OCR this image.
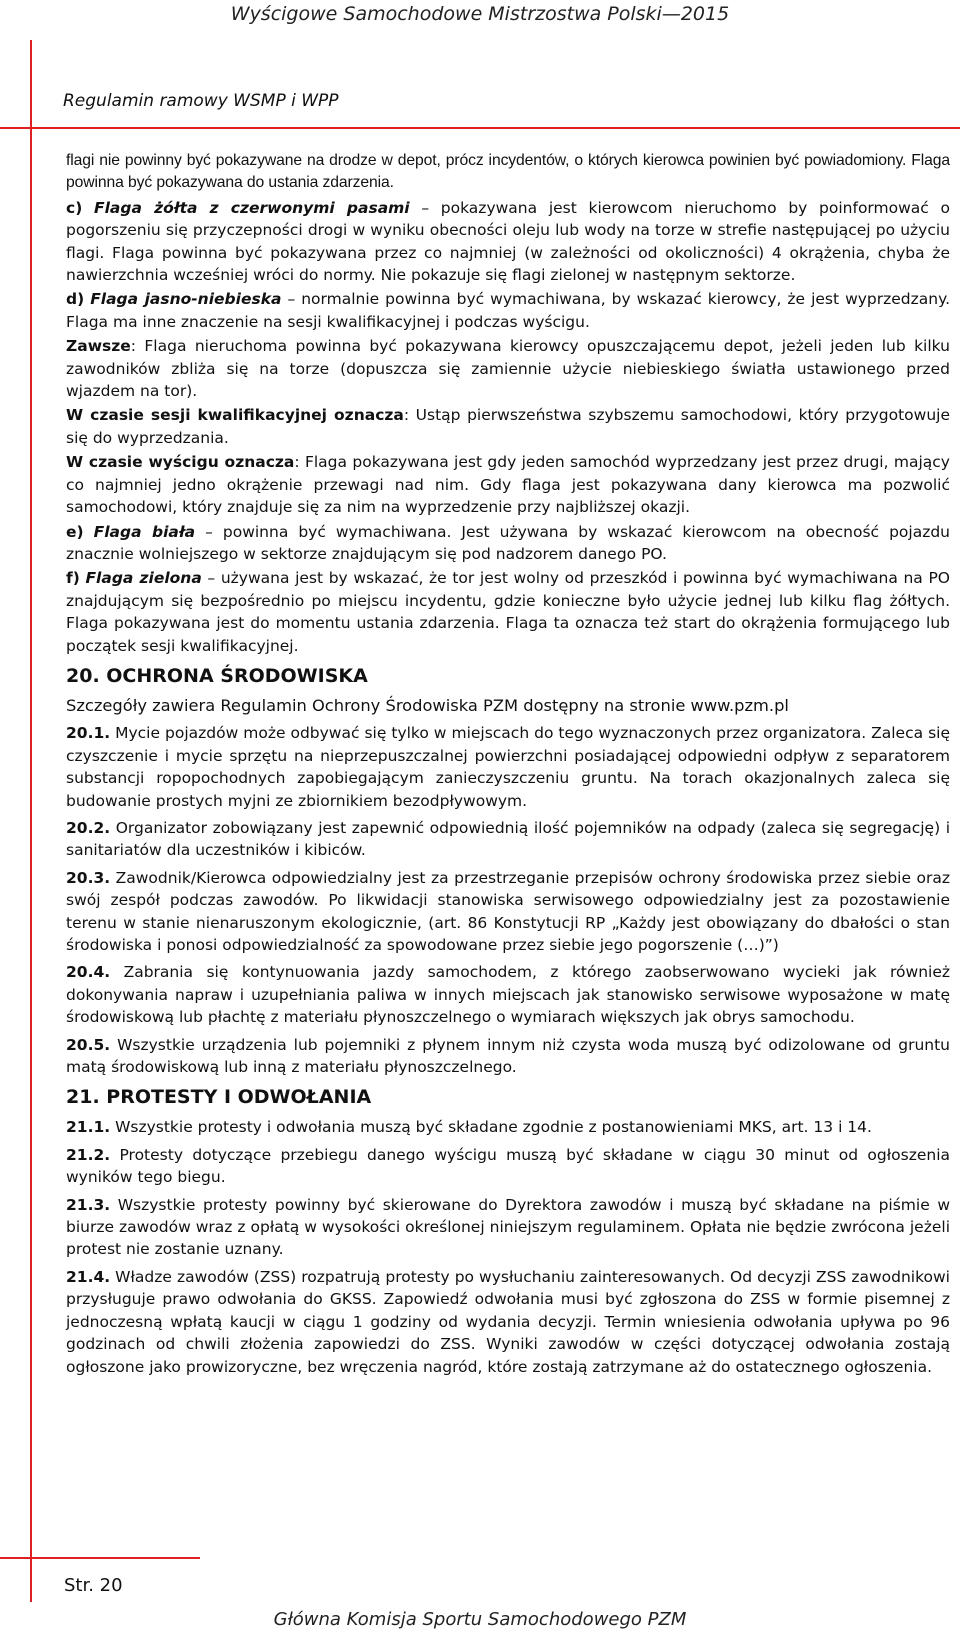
Wyścigowe Samochodowe Mistrzostwa Polski—2015
Regulamin ramowy WSMP i WPP

flagi nie powinny być pokazywane na drodze w depot, prócz incydentów, o których kierowca powinien być powiadomiony. Flaga powinna być pokazywana do ustania zdarzenia.

c) Flaga żółta z czerwonymi pasami – pokazywana jest kierowcom nieruchomo by poinformować o pogorszeniu się przyczepności drogi w wyniku obecności oleju lub wody na torze w strefie następującej po użyciu flagi. Flaga powinna być pokazywana przez co najmniej (w zależności od okoliczności) 4 okrążenia, chyba że nawierzchnia wcześniej wróci do normy. Nie pokazuje się flagi zielonej w następnym sektorze.

d) Flaga jasno-niebieska – normalnie powinna być wymachiwana, by wskazać kierowcy, że jest wyprzedzany. Flaga ma inne znaczenie na sesji kwalifikacyjnej i podczas wyścigu.

Zawsze: Flaga nieruchoma powinna być pokazywana kierowcy opuszczającemu depot, jeżeli jeden lub kilku zawodników zbliża się na torze (dopuszcza się zamiennie użycie niebieskiego światła ustawionego przed wjazdem na tor).

W czasie sesji kwalifikacyjnej oznacza: Ustąp pierwszeństwa szybszemu samochodowi, który przygotowuje się do wyprzedzania.

W czasie wyścigu oznacza: Flaga pokazywana jest gdy jeden samochód wyprzedzany jest przez drugi, mający co najmniej jedno okrążenie przewagi nad nim. Gdy flaga jest pokazywana dany kierowca ma pozwolić samochodowi, który znajduje się za nim na wyprzedzenie przy najbliższej okazji.

e) Flaga biała – powinna być wymachiwana. Jest używana by wskazać kierowcom na obecność pojazdu znacznie wolniejszego w sektorze znajdującym się pod nadzorem danego PO.

f) Flaga zielona – używana jest by wskazać, że tor jest wolny od przeszkód i powinna być wymachiwana na PO znajdującym się bezpośrednio po miejscu incydentu, gdzie konieczne było użycie jednej lub kilku flag żółtych. Flaga pokazywana jest do momentu ustania zdarzenia. Flaga ta oznacza też start do okrążenia formującego lub początek sesji kwalifikacyjnej.

20. OCHRONA ŚRODOWISKA

Szczegóły zawiera Regulamin Ochrony Środowiska PZM dostępny na stronie www.pzm.pl

20.1. Mycie pojazdów może odbywać się tylko w miejscach do tego wyznaczonych przez organizatora. Zaleca się czyszczenie i mycie sprzętu na nieprzepuszczalnej powierzchni posiadającej odpowiedni odpływ z separatorem substancji ropopochodnych zapobiegającym zanieczyszczeniu gruntu. Na torach okazjonalnych zaleca się budowanie prostych myjni ze zbiornikiem bezodpływowym.

20.2. Organizator zobowiązany jest zapewnić odpowiednią ilość pojemników na odpady (zaleca się segregację) i sanitariatów dla uczestników i kibiców.

20.3. Zawodnik/Kierowca odpowiedzialny jest za przestrzeganie przepisów ochrony środowiska przez siebie oraz swój zespół podczas zawodów. Po likwidacji stanowiska serwisowego odpowiedzialny jest za pozostawienie terenu w stanie nienaruszonym ekologicznie, (art. 86 Konstytucji RP „Każdy jest obowiązany do dbałości o stan środowiska i ponosi odpowiedzialność za spowodowane przez siebie jego pogorszenie (…)”)

20.4. Zabrania się kontynuowania jazdy samochodem, z którego zaobserwowano wycieki jak również dokonywania napraw i uzupełniania paliwa w innych miejscach jak stanowisko serwisowe wyposażone w matę środowiskową lub płachtę z materiału płynoszczelnego o wymiarach większych jak obrys samochodu.

20.5. Wszystkie urządzenia lub pojemniki z płynem innym niż czysta woda muszą być odizolowane od gruntu matą środowiskową lub inną z materiału płynoszczelnego.

21. PROTESTY I ODWOŁANIA

21.1. Wszystkie protesty i odwołania muszą być składane zgodnie z postanowieniami MKS, art. 13 i 14.

21.2. Protesty dotyczące przebiegu danego wyścigu muszą być składane w ciągu 30 minut od ogłoszenia wyników tego biegu.

21.3. Wszystkie protesty powinny być skierowane do Dyrektora zawodów i muszą być składane na piśmie w biurze zawodów wraz z opłatą w wysokości określonej niniejszym regulaminem. Opłata nie będzie zwrócona jeżeli protest nie zostanie uznany.

21.4. Władze zawodów (ZSS) rozpatrują protesty po wysłuchaniu zainteresowanych. Od decyzji ZSS zawodnikowi przysługuje prawo odwołania do GKSS. Zapowiedź odwołania musi być zgłoszona do ZSS w formie pisemnej z jednoczesną wpłatą kaucji w ciągu 1 godziny od wydania decyzji. Termin wniesienia odwołania upływa po 96 godzinach od chwili złożenia zapowiedzi do ZSS. Wyniki zawodów w części dotyczącej odwołania zostają ogłoszone jako prowizoryczne, bez wręczenia nagród, które zostają zatrzymane aż do ostatecznego ogłoszenia.

Str. 20
Główna Komisja Sportu Samochodowego PZM
